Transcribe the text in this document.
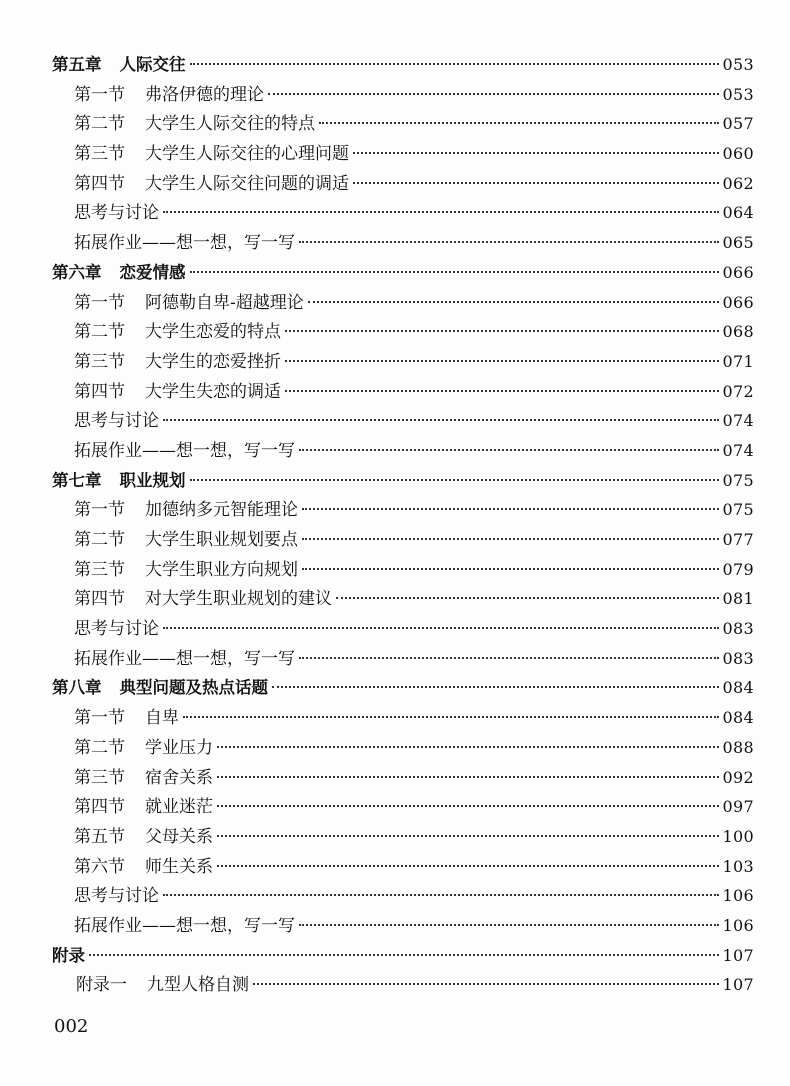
第五章 人际交往	053
第一节 弗洛伊德的理论	053
第二节 大学生人际交往的特点	057
第三节 大学生人际交往的心理问题	060
第四节 大学生人际交往问题的调适	062
思考与讨论	064
拓展作业——想一想，写一写	065
第六章 恋爱情感	066
第一节 阿德勒自卑-超越理论	066
第二节 大学生恋爱的特点	068
第三节 大学生的恋爱挫折	071
第四节 大学生失恋的调适	072
思考与讨论	074
拓展作业——想一想，写一写	074
第七章 职业规划	075
第一节 加德纳多元智能理论	075
第二节 大学生职业规划要点	077
第三节 大学生职业方向规划	079
第四节 对大学生职业规划的建议	081
思考与讨论	083
拓展作业——想一想，写一写	083
第八章 典型问题及热点话题	084
第一节 自卑	084
第二节 学业压力	088
第三节 宿舍关系	092
第四节 就业迷茫	097
第五节 父母关系	100
第六节 师生关系	103
思考与讨论	106
拓展作业——想一想，写一写	106
附录	107
附录一 九型人格自测	107
002
